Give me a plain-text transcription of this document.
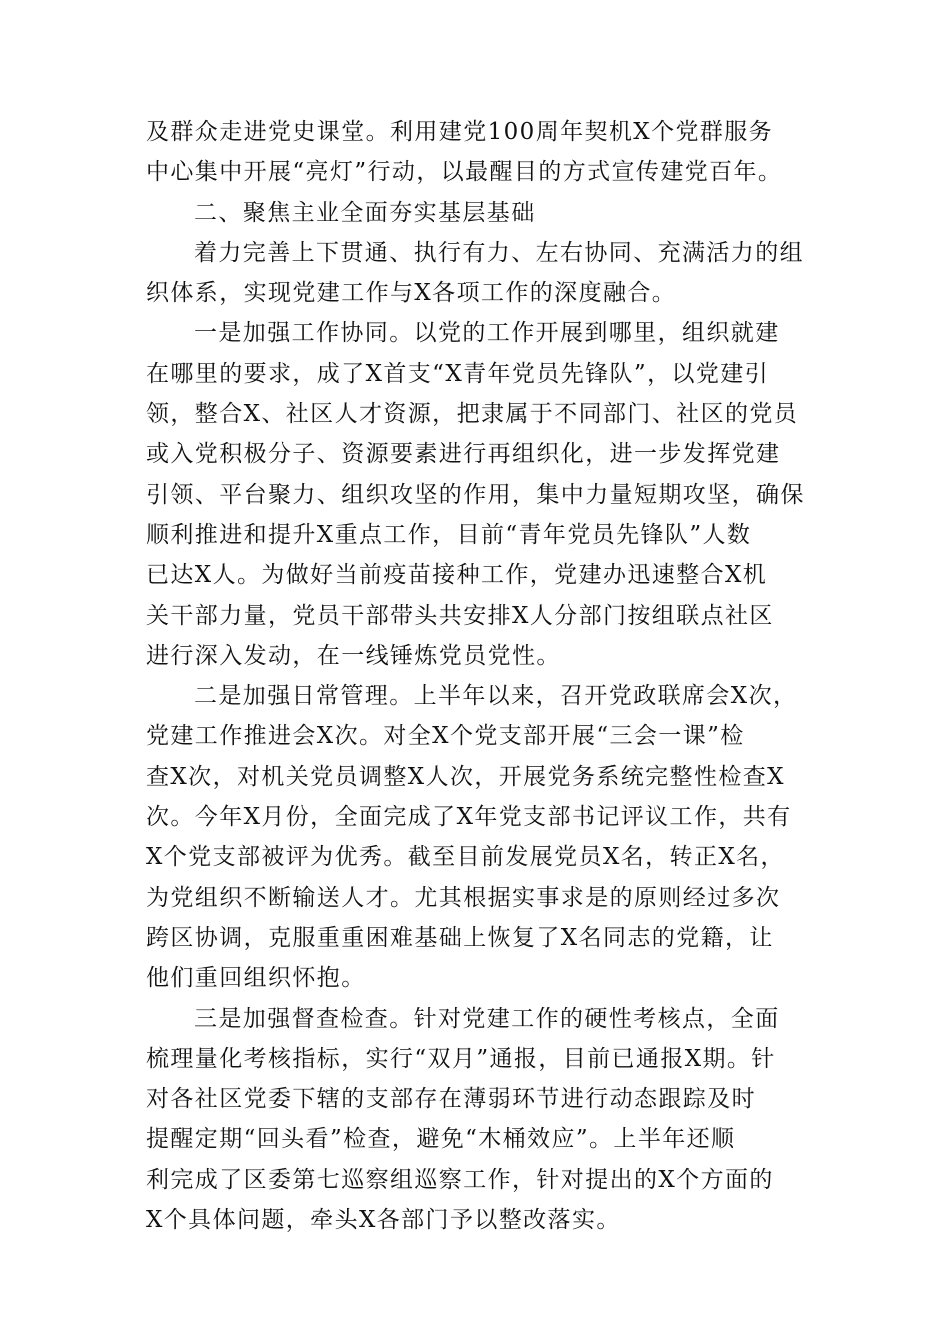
及群众走进党史课堂。利用建党100周年契机X个党群服务
中心集中开展“亮灯”行动，以最醒目的方式宣传建党百年。
二、聚焦主业全面夯实基层基础
着力完善上下贯通、执行有力、左右协同、充满活力的组
织体系，实现党建工作与X各项工作的深度融合。
一是加强工作协同。以党的工作开展到哪里，组织就建
在哪里的要求，成了X首支“X青年党员先锋队”，以党建引
领，整合X、社区人才资源，把隶属于不同部门、社区的党员
或入党积极分子、资源要素进行再组织化，进一步发挥党建
引领、平台聚力、组织攻坚的作用，集中力量短期攻坚，确保
顺利推进和提升X重点工作，目前“青年党员先锋队”人数
已达X人。为做好当前疫苗接种工作，党建办迅速整合X机
关干部力量，党员干部带头共安排X人分部门按组联点社区
进行深入发动，在一线锤炼党员党性。
二是加强日常管理。上半年以来，召开党政联席会X次，
党建工作推进会X次。对全X个党支部开展“三会一课”检
查X次，对机关党员调整X人次，开展党务系统完整性检查X
次。今年X月份，全面完成了X年党支部书记评议工作，共有
X个党支部被评为优秀。截至目前发展党员X名，转正X名，
为党组织不断输送人才。尤其根据实事求是的原则经过多次
跨区协调，克服重重困难基础上恢复了X名同志的党籍，让
他们重回组织怀抱。
三是加强督查检查。针对党建工作的硬性考核点，全面
梳理量化考核指标，实行“双月”通报，目前已通报X期。针
对各社区党委下辖的支部存在薄弱环节进行动态跟踪及时
提醒定期“回头看”检查，避免“木桶效应”。上半年还顺
利完成了区委第七巡察组巡察工作，针对提出的X个方面的
X个具体问题，牵头X各部门予以整改落实。
